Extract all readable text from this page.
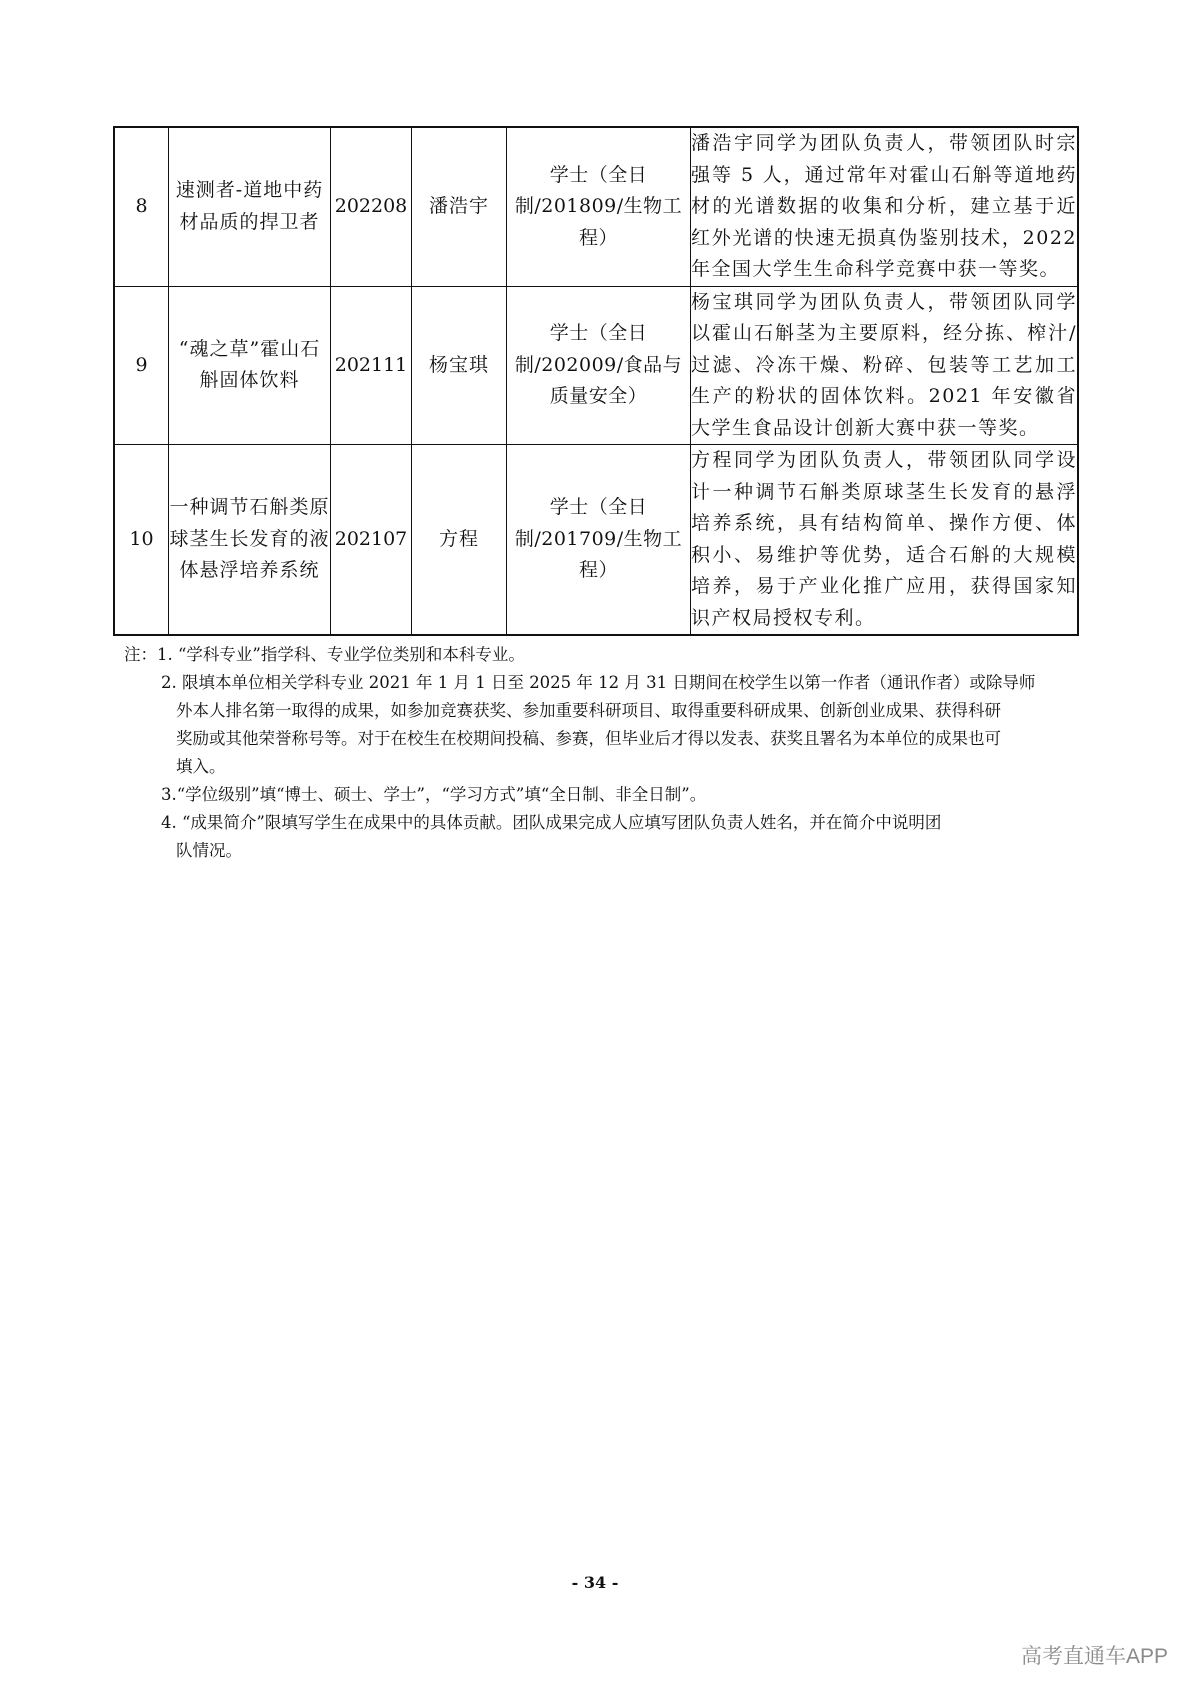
8	速测者-道地中药材品质的捍卫者	202208	潘浩宇	学士（全日制/201809/生物工程）	潘浩宇同学为团队负责人，带领团队时宗强等 5 人，通过常年对霍山石斛等道地药材的光谱数据的收集和分析，建立基于近红外光谱的快速无损真伪鉴别技术，2022 年全国大学生生命科学竞赛中获一等奖。
9	“魂之草”霍山石斛固体饮料	202111	杨宝琪	学士（全日制/202009/食品与质量安全）	杨宝琪同学为团队负责人，带领团队同学以霍山石斛茎为主要原料，经分拣、榨汁/过滤、冷冻干燥、粉碎、包装等工艺加工生产的粉状的固体饮料。2021 年安徽省大学生食品设计创新大赛中获一等奖。
10	一种调节石斛类原球茎生长发育的液体悬浮培养系统	202107	方程	学士（全日制/201709/生物工程）	方程同学为团队负责人，带领团队同学设计一种调节石斛类原球茎生长发育的悬浮培养系统，具有结构简单、操作方便、体积小、易维护等优势，适合石斛的大规模培养，易于产业化推广应用，获得国家知识产权局授权专利。
注：1. “学科专业”指学科、专业学位类别和本科专业。
2. 限填本单位相关学科专业 2021 年 1 月 1 日至 2025 年 12 月 31 日期间在校学生以第一作者（通讯作者）或除导师
外本人排名第一取得的成果，如参加竞赛获奖、参加重要科研项目、取得重要科研成果、创新创业成果、获得科研
奖励或其他荣誉称号等。对于在校生在校期间投稿、参赛，但毕业后才得以发表、获奖且署名为本单位的成果也可
填入。
3.“学位级别”填“博士、硕士、学士”，“学习方式”填“全日制、非全日制”。
4. “成果简介”限填写学生在成果中的具体贡献。团队成果完成人应填写团队负责人姓名，并在简介中说明团
队情况。
- 34 -
高考直通车APP
